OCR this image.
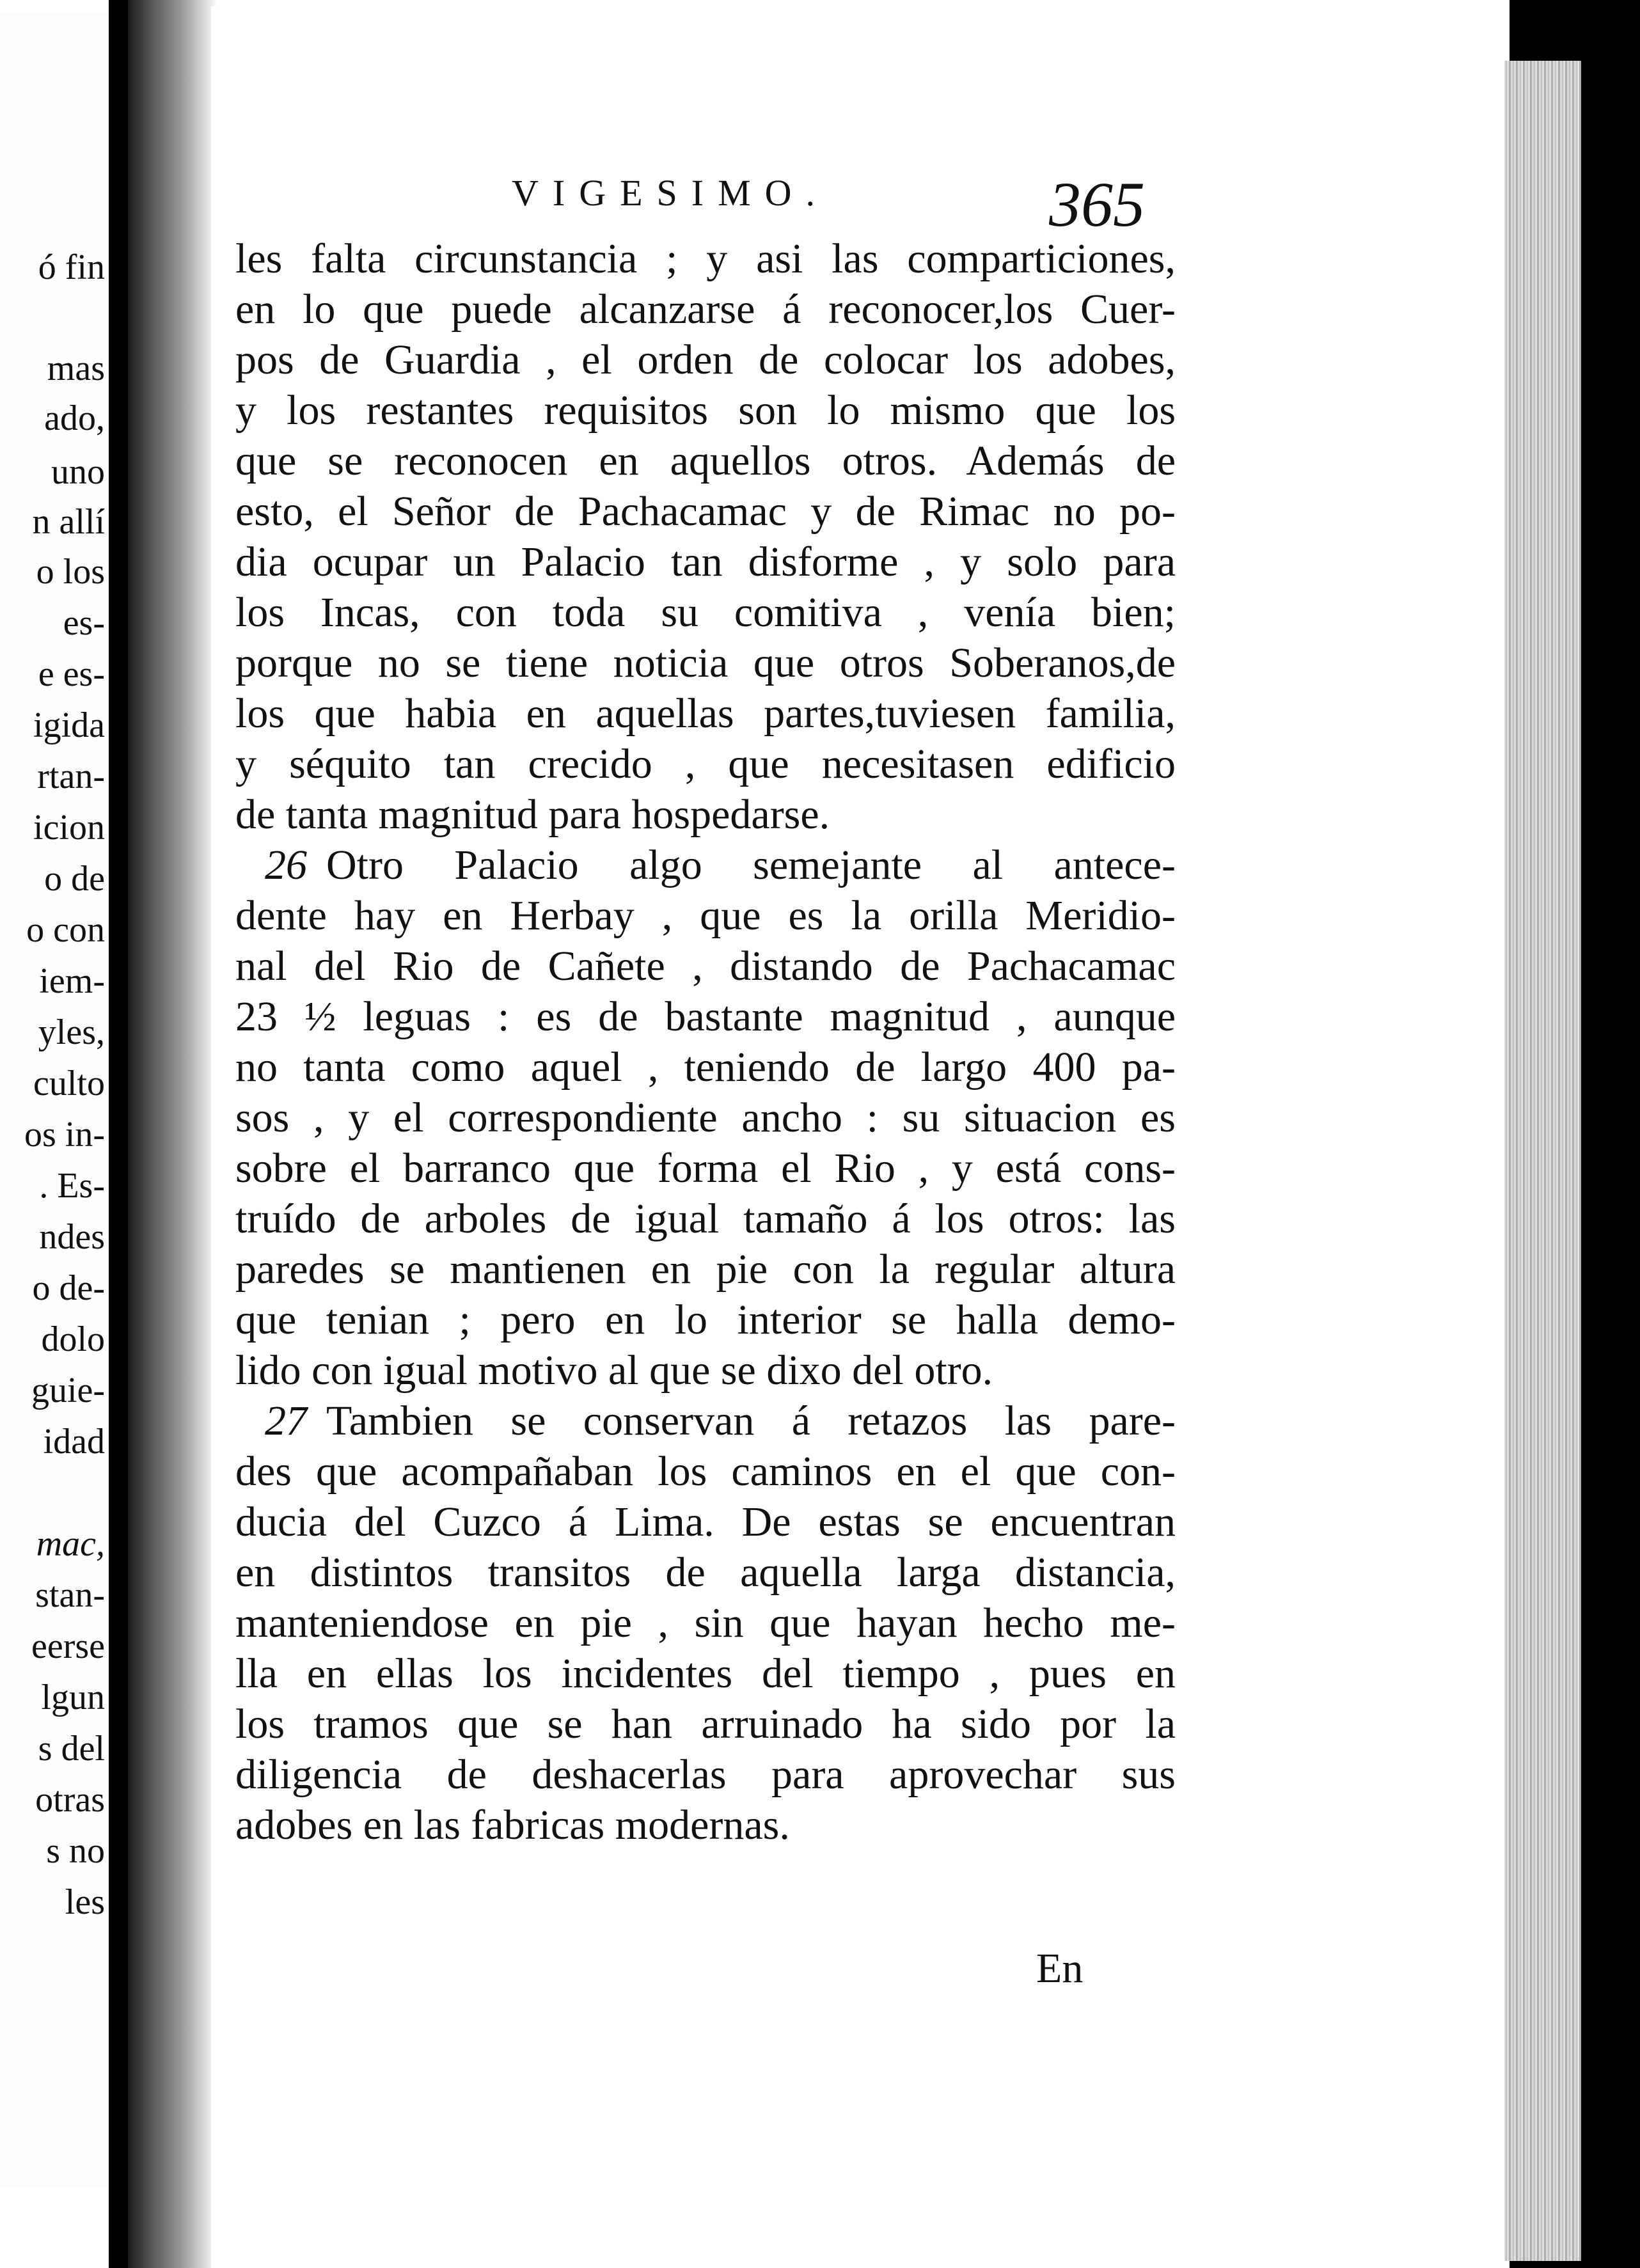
ó fin
mas
ado,
uno
n allí
o los
es-
e es-
igida
rtan-
icion
o de
o con
iem-
yles,
culto
os in-
. Es-
ndes
o de-
dolo
guie-
idad
mac,
stan-
eerse
lgun
s del
otras
s no
les
VIGESIMO.	365
les falta circunstancia ; y asi las comparticiones,
en lo que puede alcanzarse á reconocer,los Cuer-
pos de Guardia , el orden de colocar los adobes,
y los restantes requisitos son lo mismo que los
que se reconocen en aquellos otros. Además de
esto, el Señor de Pachacamac y de Rimac no po-
dia ocupar un Palacio tan disforme , y solo para
los Incas, con toda su comitiva , venía bien;
porque no se tiene noticia que otros Soberanos,de
los que habia en aquellas partes,tuviesen familia,
y séquito tan crecido , que necesitasen edificio
de tanta magnitud para hospedarse.
26 Otro Palacio algo semejante al antece-
dente hay en Herbay , que es la orilla Meridio-
nal del Rio de Cañete , distando de Pachacamac
23 ½ leguas : es de bastante magnitud , aunque
no tanta como aquel , teniendo de largo 400 pa-
sos , y el correspondiente ancho : su situacion es
sobre el barranco que forma el Rio , y está cons-
truído de arboles de igual tamaño á los otros: las
paredes se mantienen en pie con la regular altura
que tenian ; pero en lo interior se halla demo-
lido con igual motivo al que se dixo del otro.
27 Tambien se conservan á retazos las pare-
des que acompañaban los caminos en el que con-
ducia del Cuzco á Lima. De estas se encuentran
en distintos transitos de aquella larga distancia,
manteniendose en pie , sin que hayan hecho me-
lla en ellas los incidentes del tiempo , pues en
los tramos que se han arruinado ha sido por la
diligencia de deshacerlas para aprovechar sus
adobes en las fabricas modernas.
En
